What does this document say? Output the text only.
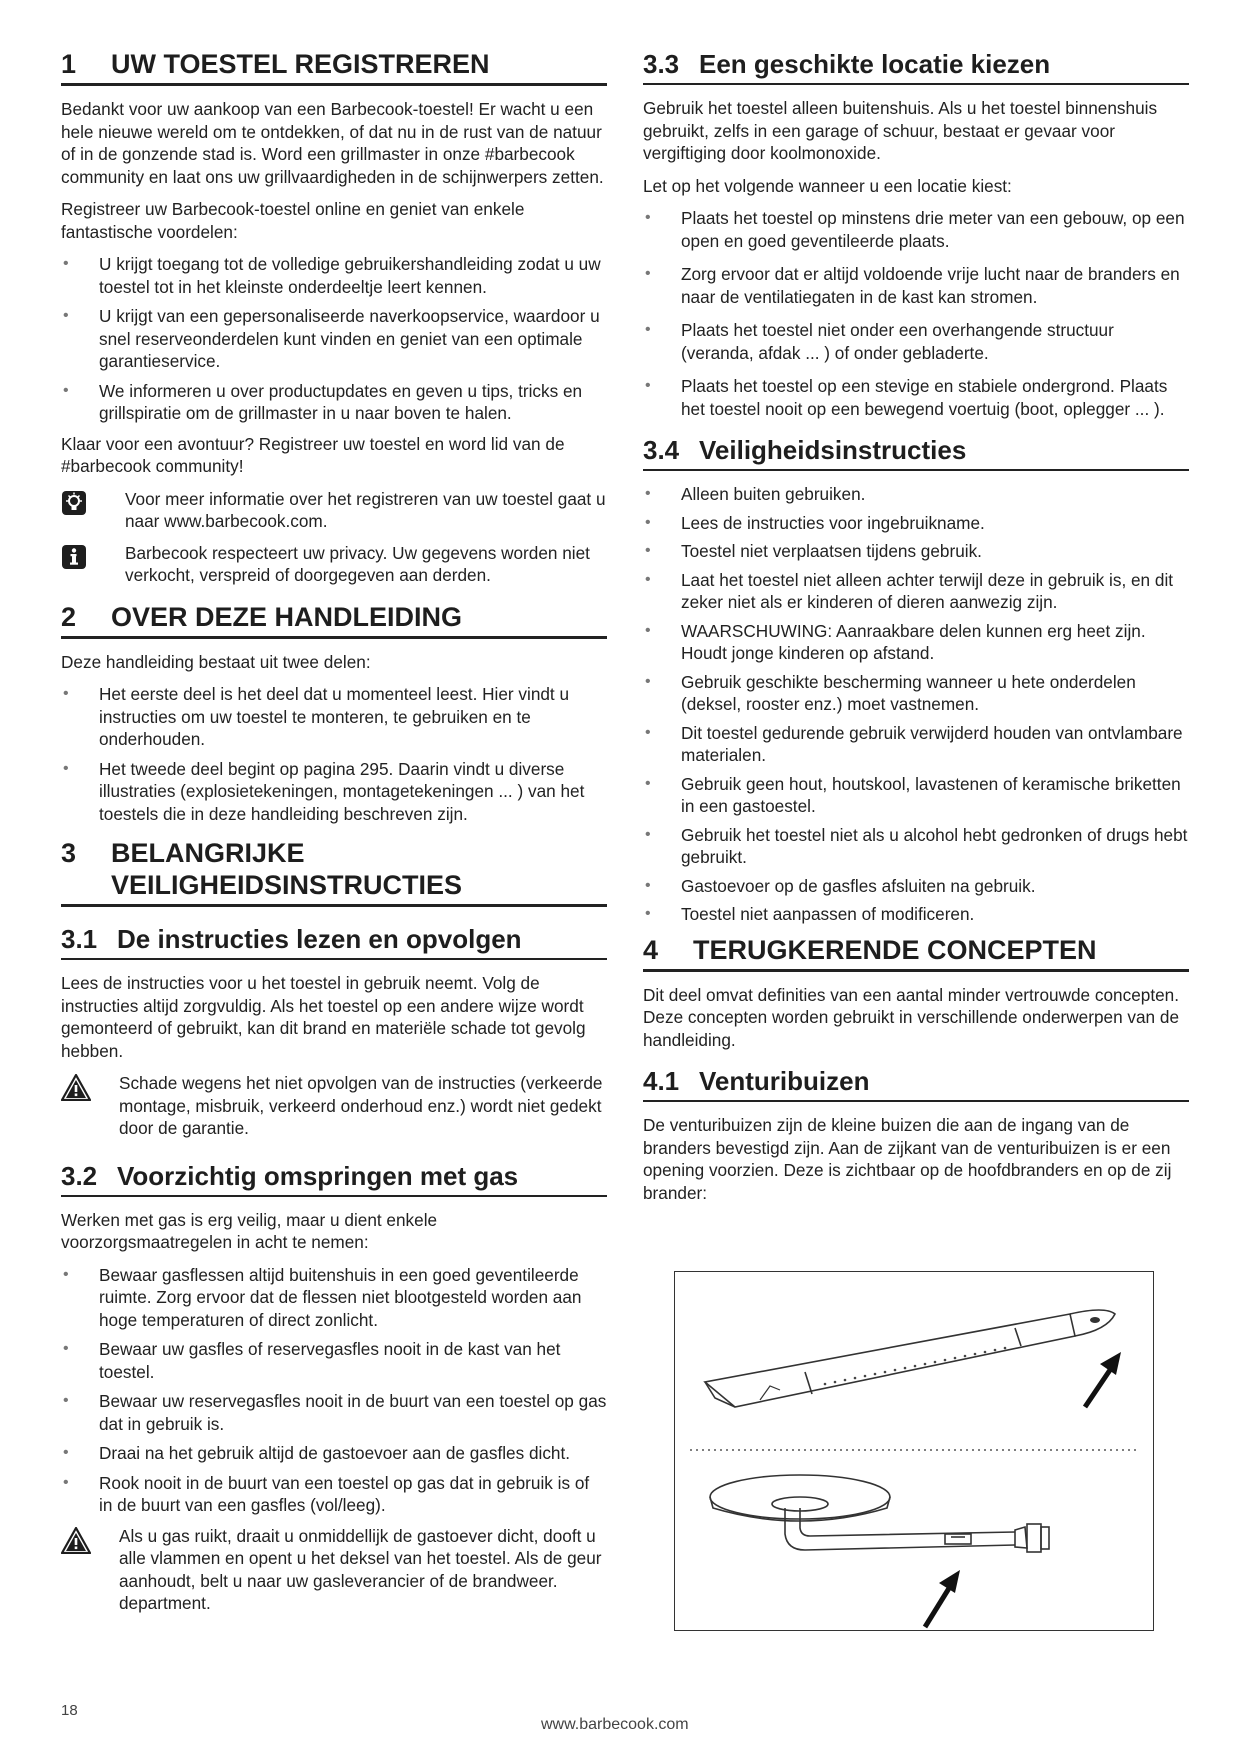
1	UW TOESTEL REGISTREREN

Bedankt voor uw aankoop van een Barbecook-toestel! Er wacht u een hele nieuwe wereld om te ontdekken, of dat nu in de rust van de natuur of in de gonzende stad is. Word een grillmaster in onze #barbecook community en laat ons uw grillvaardigheden in de schijnwerpers zetten.

Registreer uw Barbecook-toestel online en geniet van enkele fantastische voordelen:

• U krijgt toegang tot de volledige gebruikershandleiding zodat u uw toestel tot in het kleinste onderdeeltje leert kennen.
• U krijgt van een gepersonaliseerde naverkoopservice, waardoor u snel reserveonderdelen kunt vinden en geniet van een optimale garantieservice.
• We informeren u over productupdates en geven u tips, tricks en grillspiratie om de grillmaster in u naar boven te halen.

Klaar voor een avontuur? Registreer uw toestel en word lid van de #barbecook community!

Voor meer informatie over het registreren van uw toestel gaat u naar www.barbecook.com.

Barbecook respecteert uw privacy. Uw gegevens worden niet verkocht, verspreid of doorgegeven aan derden.

2	OVER DEZE HANDLEIDING

Deze handleiding bestaat uit twee delen:

• Het eerste deel is het deel dat u momenteel leest. Hier vindt u instructies om uw toestel te monteren, te gebruiken en te onderhouden.
• Het tweede deel begint op pagina 295. Daarin vindt u diverse illustraties (explosietekeningen, montagetekeningen ... ) van het toestels die in deze handleiding beschreven zijn.
3	BELANGRIJKE
VEILIGHEIDSINSTRUCTIES
3.1 De instructies lezen en opvolgen

Lees de instructies voor u het toestel in gebruik neemt. Volg de instructies altijd zorgvuldig. Als het toestel op een andere wijze wordt gemonteerd of gebruikt, kan dit brand en materiële schade tot gevolg hebben.

Schade wegens het niet opvolgen van de instructies (verkeerde montage, misbruik, verkeerd onderhoud enz.) wordt niet gedekt door de garantie.

3.2 Voorzichtig omspringen met gas

Werken met gas is erg veilig, maar u dient enkele voorzorgsmaatregelen in acht te nemen:

• Bewaar gasflessen altijd buitenshuis in een goed geventileerde ruimte. Zorg ervoor dat de flessen niet blootgesteld worden aan hoge temperaturen of direct zonlicht.
• Bewaar uw gasfles of reservegasfles nooit in de kast van het toestel.
• Bewaar uw reservegasfles nooit in de buurt van een toestel op gas dat in gebruik is.
• Draai na het gebruik altijd de gastoevoer aan de gasfles dicht.
• Rook nooit in de buurt van een toestel op gas dat in gebruik is of in de buurt van een gasfles (vol/leeg).

Als u gas ruikt, draait u onmiddellijk de gastoever dicht, dooft u alle vlammen en opent u het deksel van het toestel. Als de geur aanhoudt, belt u naar uw gasleverancier of de brandweer. department.

3.3 Een geschikte locatie kiezen

Gebruik het toestel alleen buitenshuis. Als u het toestel binnenshuis gebruikt, zelfs in een garage of schuur, bestaat er gevaar voor vergiftiging door koolmonoxide.

Let op het volgende wanneer u een locatie kiest:

• Plaats het toestel op minstens drie meter van een gebouw, op een open en goed geventileerde plaats.
• Zorg ervoor dat er altijd voldoende vrije lucht naar de branders en naar de ventilatiegaten in de kast kan stromen.
• Plaats het toestel niet onder een overhangende structuur (veranda, afdak ... ) of onder gebladerte.
• Plaats het toestel op een stevige en stabiele ondergrond. Plaats het toestel nooit op een bewegend voertuig (boot, oplegger ... ).
3.4 Veiligheidsinstructies
• Alleen buiten gebruiken.
• Lees de instructies voor ingebruikname.
• Toestel niet verplaatsen tijdens gebruik.
• Laat het toestel niet alleen achter terwijl deze in gebruik is, en dit zeker niet als er kinderen of dieren aanwezig zijn.
• WAARSCHUWING: Aanraakbare delen kunnen erg heet zijn. Houdt jonge kinderen op afstand.
• Gebruik geschikte bescherming wanneer u hete onderdelen (deksel, rooster enz.) moet vastnemen.
• Dit toestel gedurende gebruik verwijderd houden van ontvlambare materialen.
• Gebruik geen hout, houtskool, lavastenen of keramische briketten in een gastoestel.
• Gebruik het toestel niet als u alcohol hebt gedronken of drugs hebt gebruikt.
• Gastoevoer op de gasfles afsluiten na gebruik.
• Toestel niet aanpassen of modificeren.
4	TERUGKERENDE CONCEPTEN

Dit deel omvat definities van een aantal minder vertrouwde concepten. Deze concepten worden gebruikt in verschillende onderwerpen van de handleiding.

4.1 Venturibuizen

De venturibuizen zijn de kleine buizen die aan de ingang van de branders bevestigd zijn. Aan de zijkant van de venturibuizen is er een opening voorzien. Deze is zichtbaar op de hoofdbranders en op de zij brander:

18
www.barbecook.com
